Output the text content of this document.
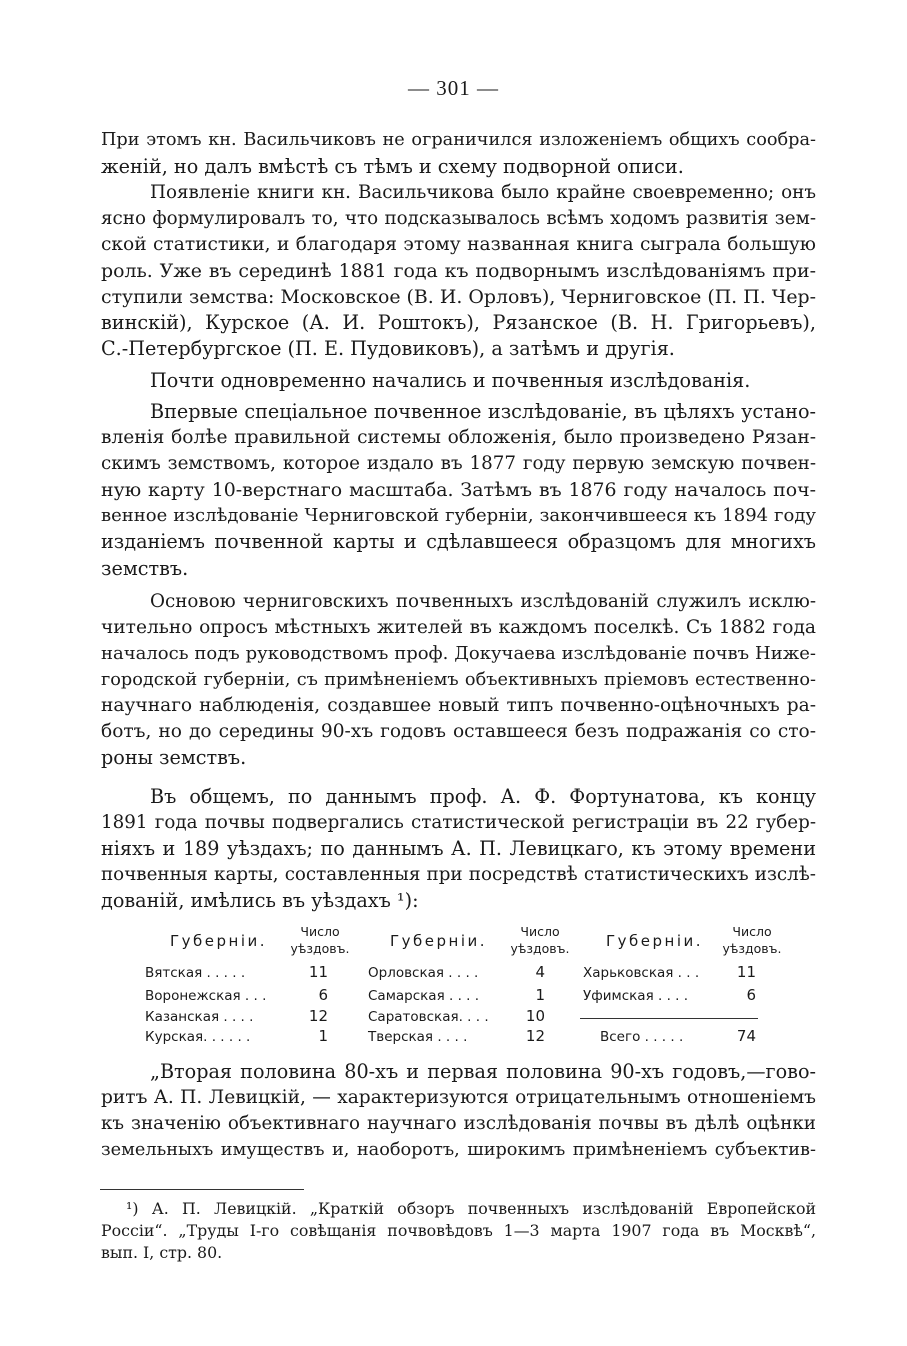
— 301 —
При этомъ кн. Васильчиковъ не ограничился изложеніемъ общихъ сообра-
женій, но далъ вмѣстѣ съ тѣмъ и схему подворной описи.
Появленіе книги кн. Васильчикова было крайне своевременно; онъ
ясно формулировалъ то, что подсказывалось всѣмъ ходомъ развитія зем-
ской статистики, и благодаря этому названная книга сыграла большую
роль. Уже въ серединѣ 1881 года къ подворнымъ изслѣдованіямъ при-
ступили земства: Московское (В. И. Орловъ), Черниговское (П. П. Чер-
винскій), Курское (А. И. Роштокъ), Рязанское (В. Н. Григорьевъ),
С.-Петербургское (П. Е. Пудовиковъ), а затѣмъ и другія.
Почти одновременно начались и почвенныя изслѣдованія.
Впервые спеціальное почвенное изслѣдованіе, въ цѣляхъ устано-
вленія болѣе правильной системы обложенія, было произведено Рязан-
скимъ земствомъ, которое издало въ 1877 году первую земскую почвен-
ную карту 10-верстнаго масштаба. Затѣмъ въ 1876 году началось поч-
венное изслѣдованіе Черниговской губерніи, закончившееся къ 1894 году
изданіемъ почвенной карты и сдѣлавшееся образцомъ для многихъ
земствъ.
Основою черниговскихъ почвенныхъ изслѣдованій служилъ исклю-
чительно опросъ мѣстныхъ жителей въ каждомъ поселкѣ. Съ 1882 года
началось подъ руководствомъ проф. Докучаева изслѣдованіе почвъ Ниже-
городской губерніи, съ примѣненіемъ объективныхъ пріемовъ естественно-
научнаго наблюденія, создавшее новый типъ почвенно-оцѣночныхъ ра-
ботъ, но до середины 90-хъ годовъ оставшееся безъ подражанія со сто-
роны земствъ.
Въ общемъ, по даннымъ проф. А. Ф. Фортунатова, къ концу
1891 года почвы подвергались статистической регистраціи въ 22 губер-
ніяхъ и 189 уѣздахъ; по даннымъ А. П. Левицкаго, къ этому времени
почвенныя карты, составленныя при посредствѣ статистическихъ изслѣ-
дованій, имѣлись въ уѣздахъ ¹):
Губерніи.
Число
уѣздовъ.
Вятская . . . . .	11
Воронежская . . .	6
Казанская . . . .	12
Курская. . . . . .	1
Губерніи.
Число
уѣздовъ.
Орловская . . . .	4
Самарская . . . .	1
Саратовская. . . .	10
Тверская . . . .	12
Губерніи.
Число
уѣздовъ.
Харьковская . . .	11
Уфимская . . . .	6
Всего . . . . .	74
„Вторая половина 80-хъ и первая половина 90-хъ годовъ,—гово-
ритъ А. П. Левицкій, — характеризуются отрицательнымъ отношеніемъ
къ значенію объективнаго научнаго изслѣдованія почвы въ дѣлѣ оцѣнки
земельныхъ имуществъ и, наоборотъ, широкимъ примѣненіемъ субъектив-
¹) А. П. Левицкій. „Краткій обзоръ почвенныхъ изслѣдованій Европейской
Россіи“. „Труды І-го совѣщанія почвовѣдовъ 1—3 марта 1907 года въ Москвѣ“,
вып. I, стр. 80.
